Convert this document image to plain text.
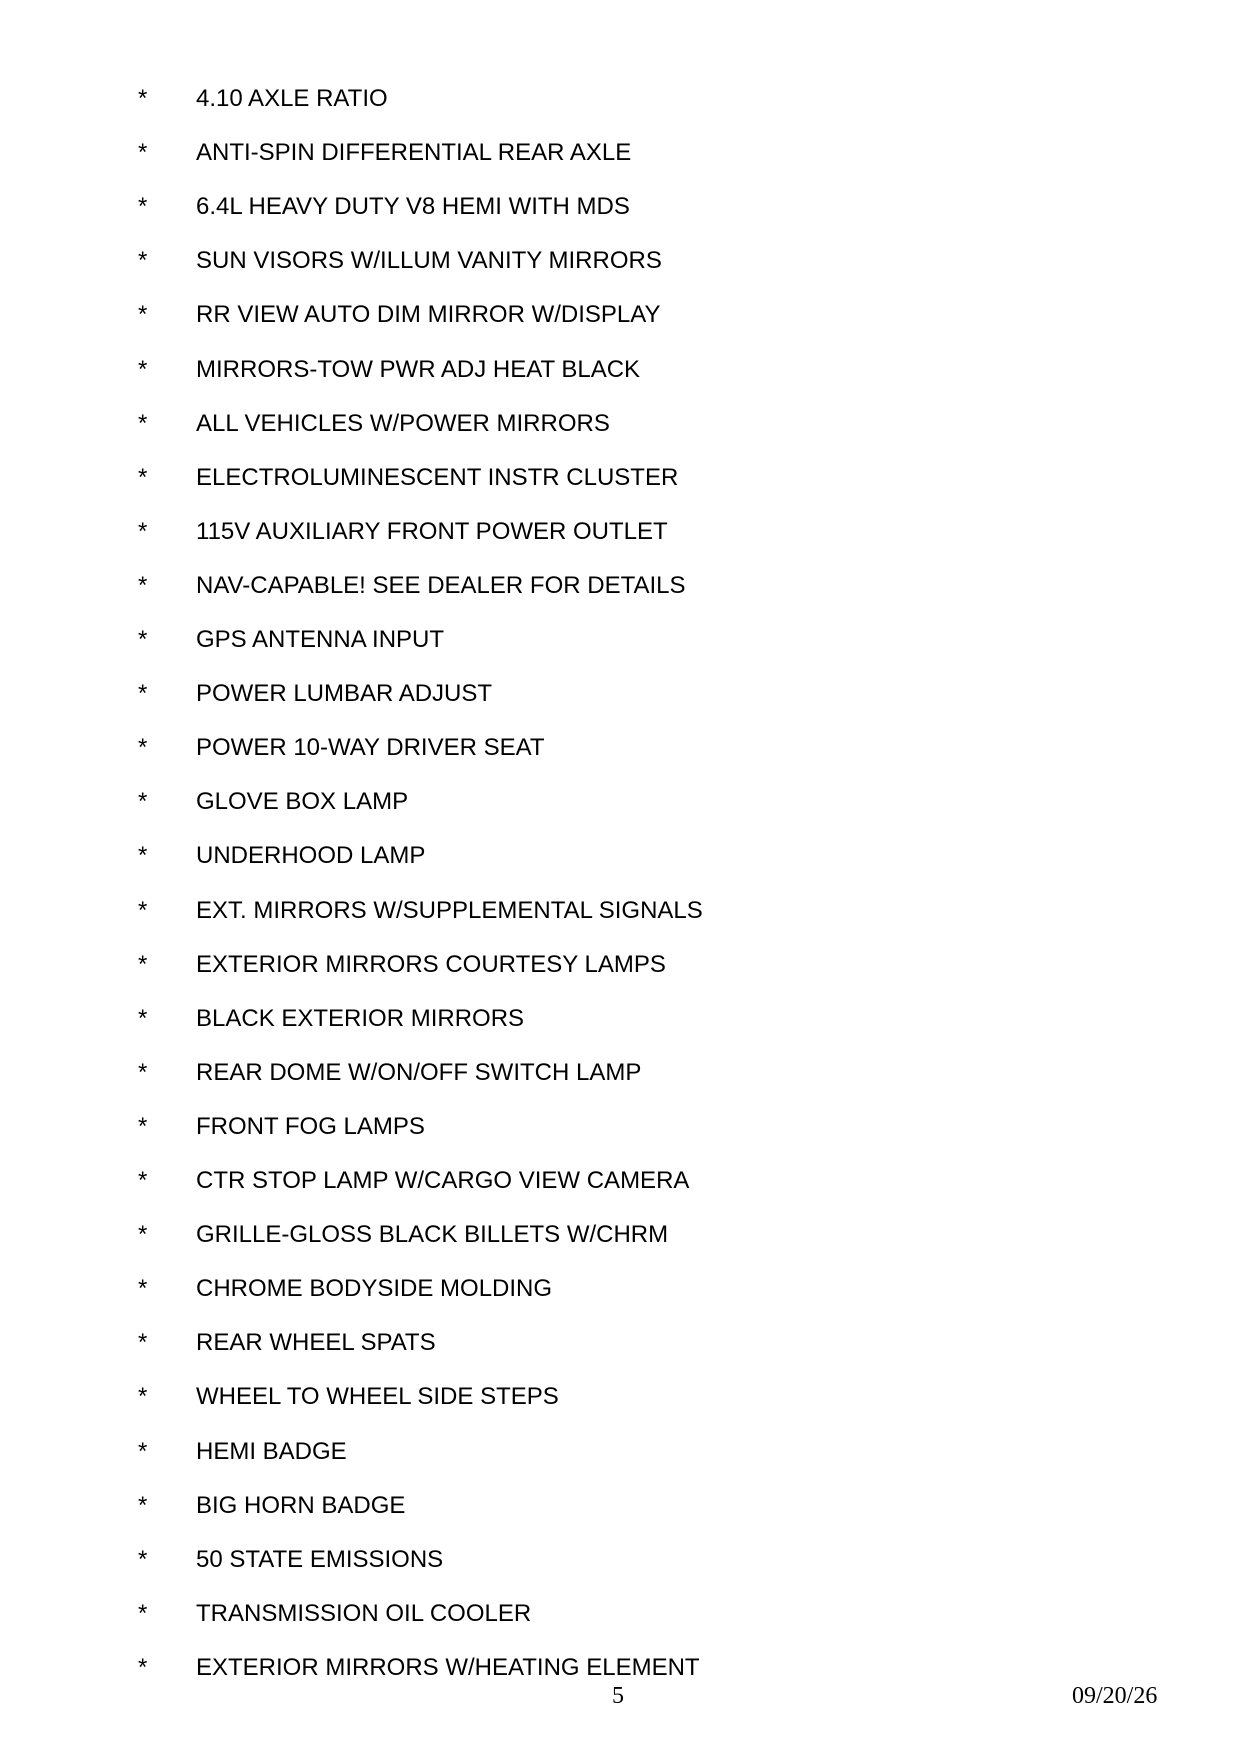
* 4.10 AXLE RATIO
* ANTI-SPIN DIFFERENTIAL REAR AXLE
* 6.4L HEAVY DUTY V8 HEMI WITH MDS
* SUN VISORS W/ILLUM VANITY MIRRORS
* RR VIEW AUTO DIM MIRROR W/DISPLAY
* MIRRORS-TOW PWR ADJ HEAT BLACK
* ALL VEHICLES W/POWER MIRRORS
* ELECTROLUMINESCENT INSTR CLUSTER
* 115V AUXILIARY FRONT POWER OUTLET
* NAV-CAPABLE! SEE DEALER FOR DETAILS
* GPS ANTENNA INPUT
* POWER LUMBAR ADJUST
* POWER 10-WAY DRIVER SEAT
* GLOVE BOX LAMP
* UNDERHOOD LAMP
* EXT. MIRRORS W/SUPPLEMENTAL SIGNALS
* EXTERIOR MIRRORS COURTESY LAMPS
* BLACK EXTERIOR MIRRORS
* REAR DOME W/ON/OFF SWITCH LAMP
* FRONT FOG LAMPS
* CTR STOP LAMP W/CARGO VIEW CAMERA
* GRILLE-GLOSS BLACK BILLETS W/CHRM
* CHROME BODYSIDE MOLDING
* REAR WHEEL SPATS
* WHEEL TO WHEEL SIDE STEPS
* HEMI BADGE
* BIG HORN BADGE
* 50 STATE EMISSIONS
* TRANSMISSION OIL COOLER
* EXTERIOR MIRRORS W/HEATING ELEMENT
5	09/20/26
